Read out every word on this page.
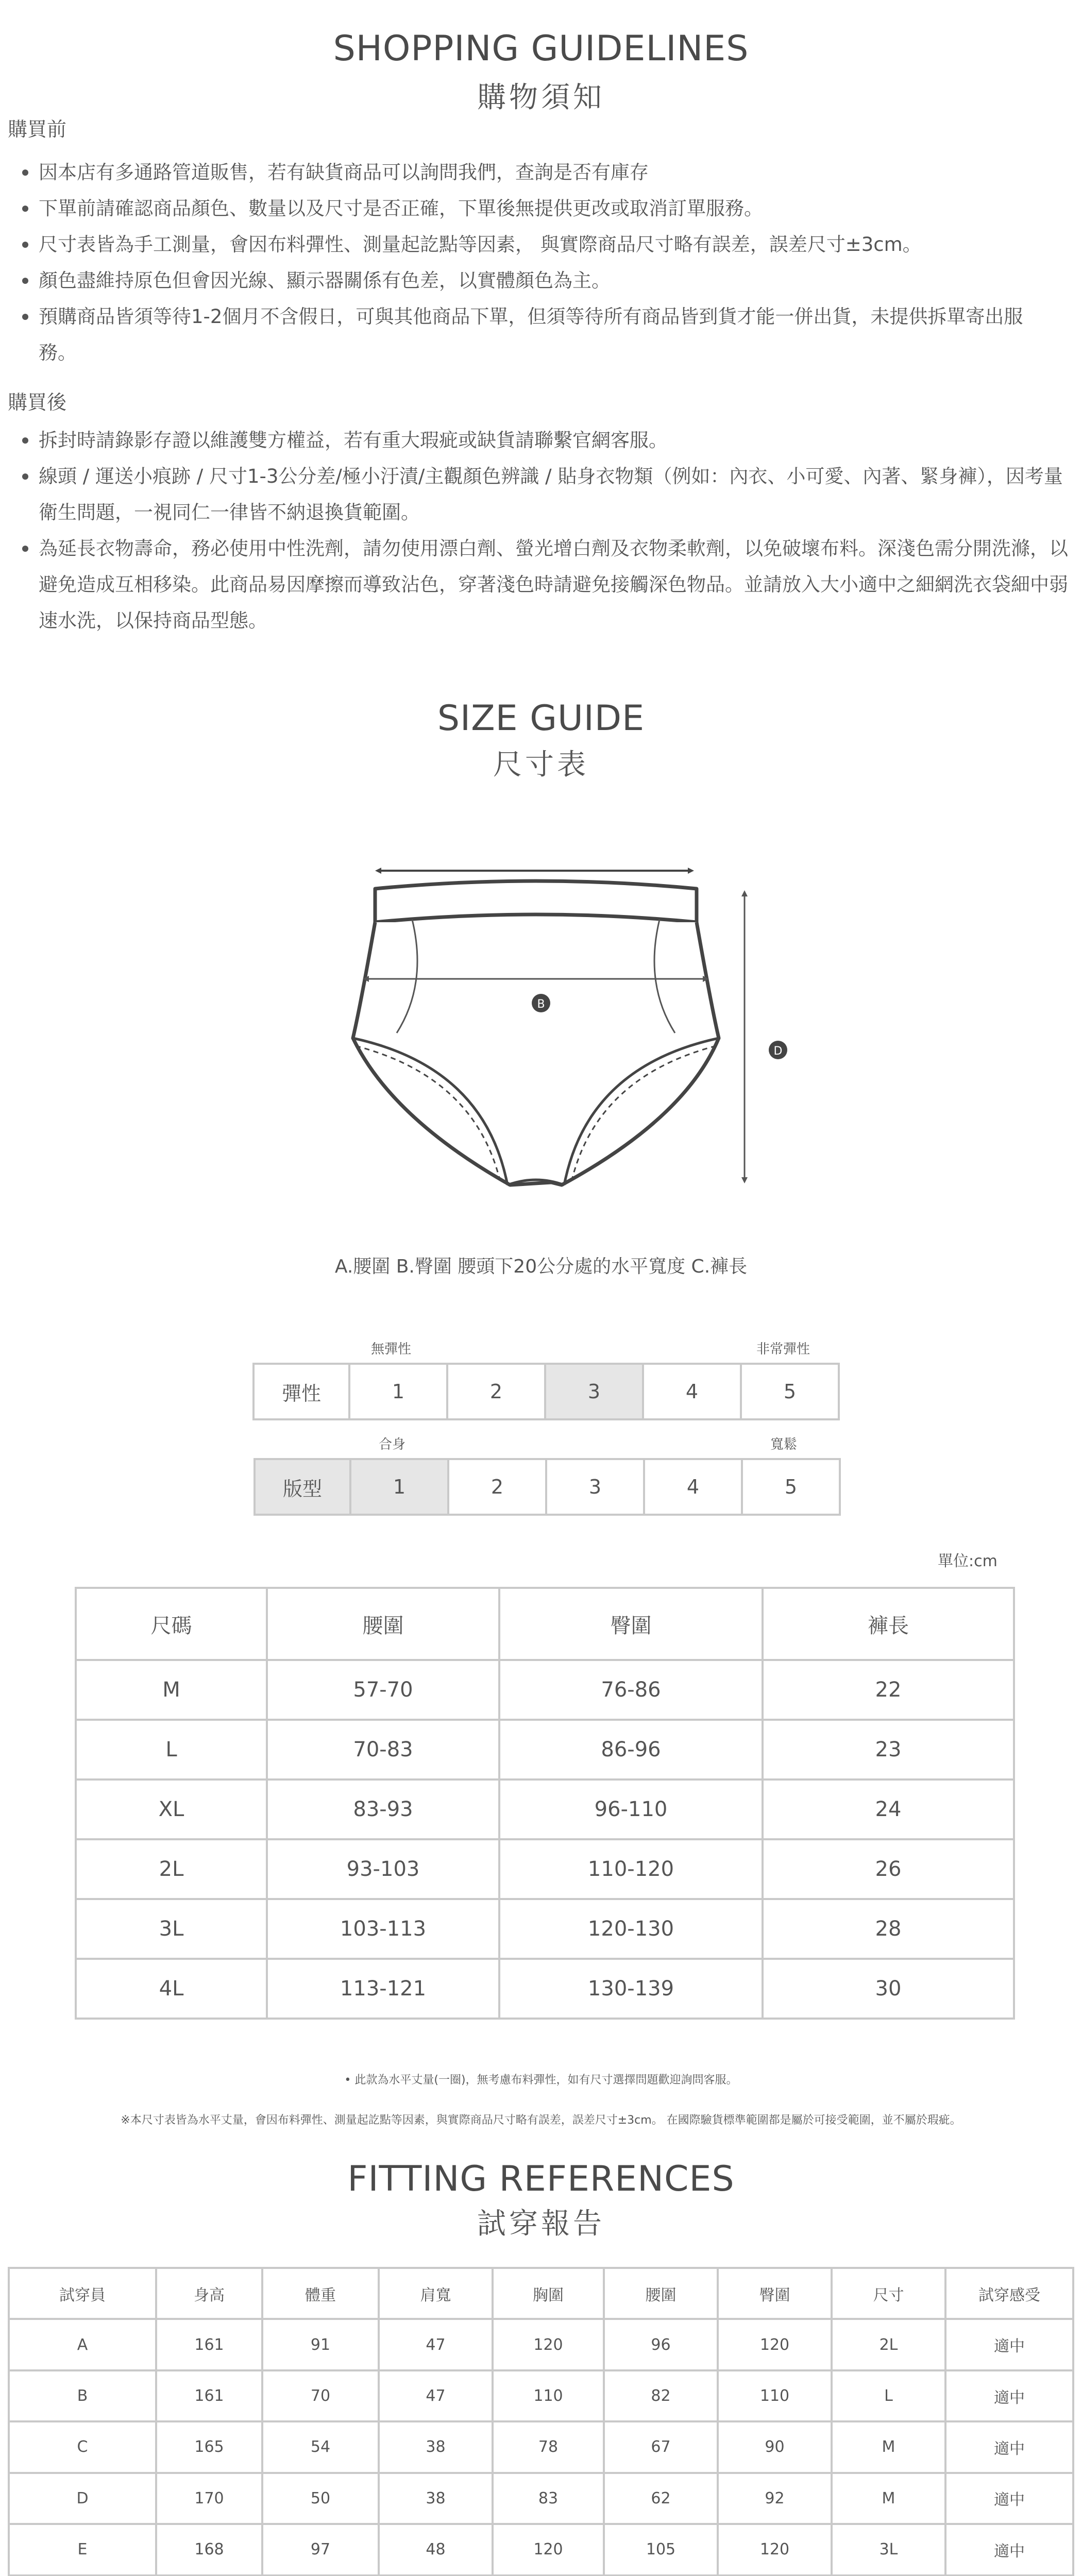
SHOPPING GUIDELINES
購物須知
購買前
因本店有多通路管道販售，若有缺貨商品可以詢問我們，查詢是否有庫存
下單前請確認商品顏色、數量以及尺寸是否正確，下單後無提供更改或取消訂單服務。
尺寸表皆為手工測量，會因布料彈性、測量起訖點等因素， 與實際商品尺寸略有誤差，誤差尺寸±3cm。
顏色盡維持原色但會因光線、顯示器關係有色差，以實體顏色為主。
預購商品皆須等待1-2個月不含假日，可與其他商品下單，但須等待所有商品皆到貨才能一併出貨，未提供拆單寄出服務。
購買後
拆封時請錄影存證以維護雙方權益，若有重大瑕疵或缺貨請聯繫官網客服。
線頭 / 運送小痕跡 / 尺寸1-3公分差/極小汙漬/主觀顏色辨識 / 貼身衣物類（例如：內衣、小可愛、內著、緊身褲），因考量衛生問題，一視同仁一律皆不納退換貨範圍。
為延長衣物壽命，務必使用中性洗劑，請勿使用漂白劑、螢光增白劑及衣物柔軟劑，以免破壞布料。深淺色需分開洗滌，以避免造成互相移染。此商品易因摩擦而導致沾色，穿著淺色時請避免接觸深色物品。並請放入大小適中之細網洗衣袋細中弱速水洗，以保持商品型態。
SIZE GUIDE
尺寸表
B
D
A.腰圍 B.臀圍 腰頭下20公分處的水平寬度 C.褲長
無彈性	非常彈性
彈性	1	2	3	4	5
合身	寬鬆
版型	1	2	3	4	5
單位:cm
尺碼	腰圍	臀圍	褲長
M	57-70	76-86	22
L	70-83	86-96	23
XL	83-93	96-110	24
2L	93-103	110-120	26
3L	103-113	120-130	28
4L	113-121	130-139	30
• 此款為水平丈量(一圈)，無考慮布料彈性，如有尺寸選擇問題歡迎詢問客服。
※本尺寸表皆為水平丈量，會因布料彈性、測量起訖點等因素，與實際商品尺寸略有誤差，誤差尺寸±3cm。 在國際驗貨標準範圍都是屬於可接受範圍，並不屬於瑕疵。
FITTING REFERENCES
試穿報告
試穿員	身高	體重	肩寬	胸圍	腰圍	臀圍	尺寸	試穿感受
A	161	91	47	120	96	120	2L	適中
B	161	70	47	110	82	110	L	適中
C	165	54	38	78	67	90	M	適中
D	170	50	38	83	62	92	M	適中
E	168	97	48	120	105	120	3L	適中
